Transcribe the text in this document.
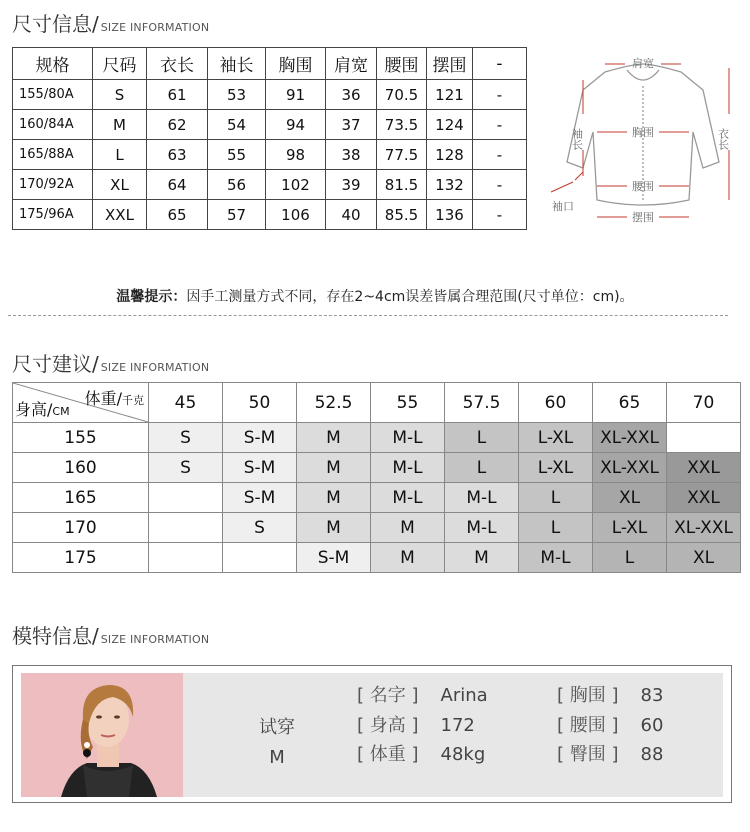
尺寸信息/ SIZE INFORMATION
规格	尺码	衣长	袖长	胸围	肩宽	腰围	摆围	-
155/80A	S	61	53	91	36	70.5	121	-
160/84A	M	62	54	94	37	73.5	124	-
165/88A	L	63	55	98	38	77.5	128	-
170/92A	XL	64	56	102	39	81.5	132	-
175/96A	XXL	65	57	106	40	85.5	136	-
肩宽
胸围
腰围
摆围
袖口
袖长	衣长
温馨提示：因手工测量方式不同，存在2~4cm误差皆属合理范围(尺寸单位：cm)。
尺寸建议/ SIZE INFORMATION
体重/千克
身高/CM	45	50	52.5	55	57.5	60	65	70
155	S	S-M	M	M-L	L	L-XL	XL-XXL	
160	S	S-M	M	M-L	L	L-XL	XL-XXL	XXL
165		S-M	M	M-L	M-L	L	XL	XXL
170		S	M	M	M-L	L	L-XL	XL-XXL
175			S-M	M	M	M-L	L	XL
模特信息/ SIZE INFORMATION
试穿
M
[ 名字 ] Arina
[ 身高 ] 172
[ 体重 ] 48kg
[ 胸围 ] 83
[ 腰围 ] 60
[ 臀围 ] 88
